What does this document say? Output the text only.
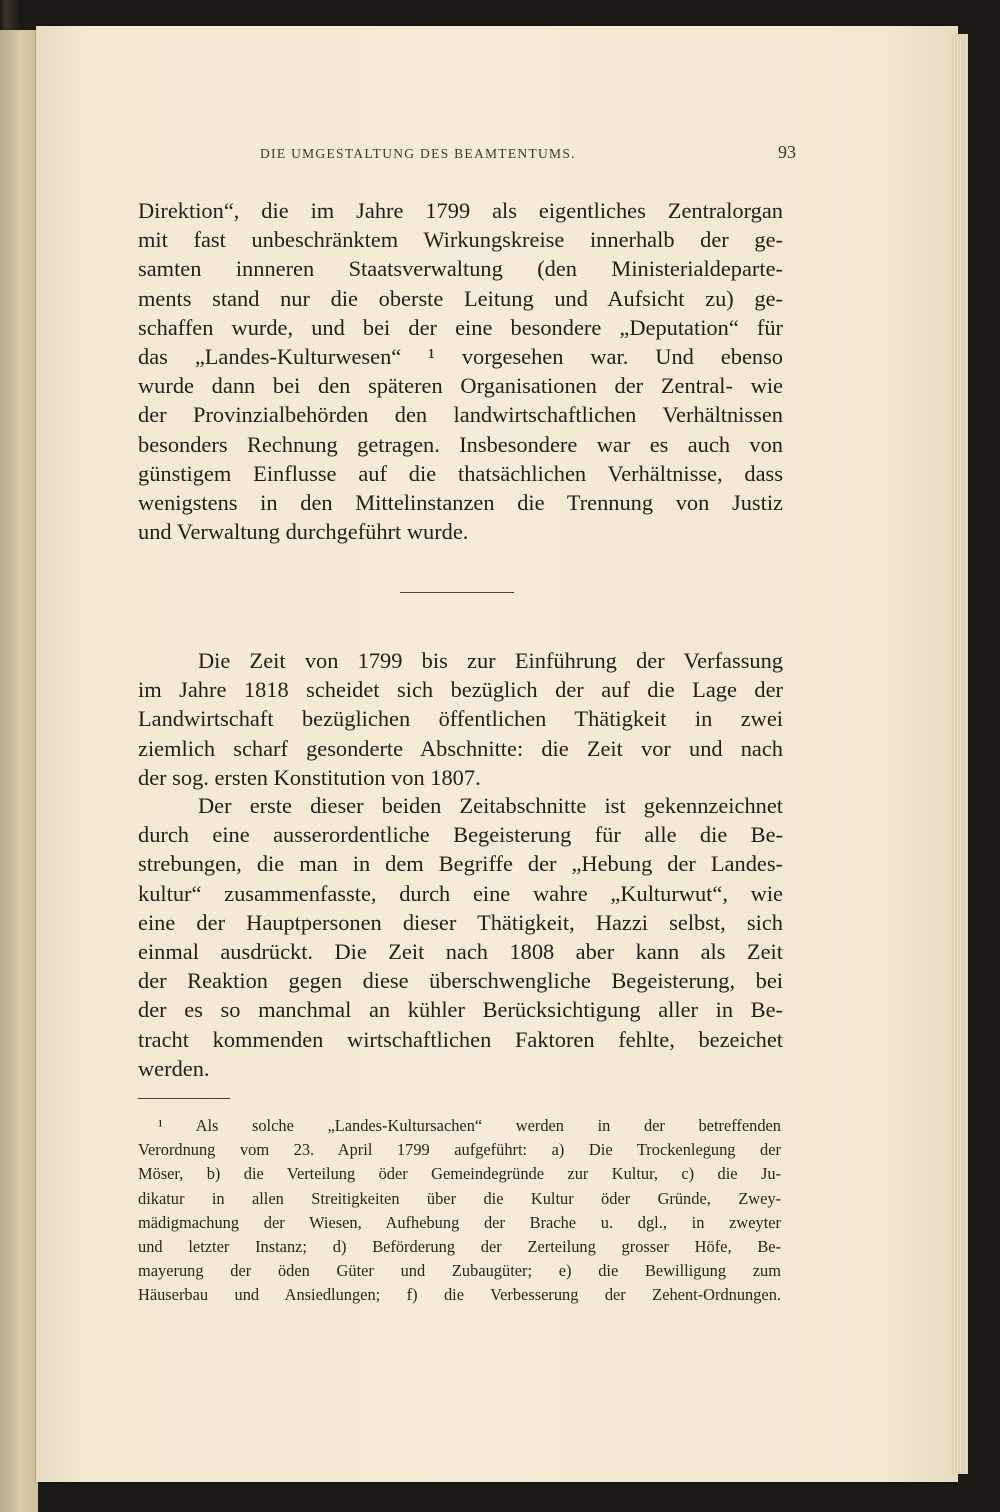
DIE UMGESTALTUNG DES BEAMTENTUMS.	93
Direktion“, die im Jahre 1799 als eigentliches Zentralorgan
mit fast unbeschränktem Wirkungskreise innerhalb der ge-
samten innneren Staatsverwaltung (den Ministerialdeparte-
ments stand nur die oberste Leitung und Aufsicht zu) ge-
schaffen wurde, und bei der eine besondere „Deputation“ für
das „Landes-Kulturwesen“ ¹ vorgesehen war. Und ebenso
wurde dann bei den späteren Organisationen der Zentral- wie
der Provinzialbehörden den landwirtschaftlichen Verhältnissen
besonders Rechnung getragen. Insbesondere war es auch von
günstigem Einflusse auf die thatsächlichen Verhältnisse, dass
wenigstens in den Mittelinstanzen die Trennung von Justiz
und Verwaltung durchgeführt wurde.
Die Zeit von 1799 bis zur Einführung der Verfassung
im Jahre 1818 scheidet sich bezüglich der auf die Lage der
Landwirtschaft bezüglichen öffentlichen Thätigkeit in zwei
ziemlich scharf gesonderte Abschnitte: die Zeit vor und nach
der sog. ersten Konstitution von 1807.
Der erste dieser beiden Zeitabschnitte ist gekennzeichnet
durch eine ausserordentliche Begeisterung für alle die Be-
strebungen, die man in dem Begriffe der „Hebung der Landes-
kultur“ zusammenfasste, durch eine wahre „Kulturwut“, wie
eine der Hauptpersonen dieser Thätigkeit, Hazzi selbst, sich
einmal ausdrückt. Die Zeit nach 1808 aber kann als Zeit
der Reaktion gegen diese überschwengliche Begeisterung, bei
der es so manchmal an kühler Berücksichtigung aller in Be-
tracht kommenden wirtschaftlichen Faktoren fehlte, bezeichet
werden.
¹ Als solche „Landes-Kultursachen“ werden in der betreffenden
Verordnung vom 23. April 1799 aufgeführt: a) Die Trockenlegung der
Möser, b) die Verteilung öder Gemeindegründe zur Kultur, c) die Ju-
dikatur in allen Streitigkeiten über die Kultur öder Gründe, Zwey-
mädigmachung der Wiesen, Aufhebung der Brache u. dgl., in zweyter
und letzter Instanz; d) Beförderung der Zerteilung grosser Höfe, Be-
mayerung der öden Güter und Zubaugüter; e) die Bewilligung zum
Häuserbau und Ansiedlungen; f) die Verbesserung der Zehent-Ordnungen.
